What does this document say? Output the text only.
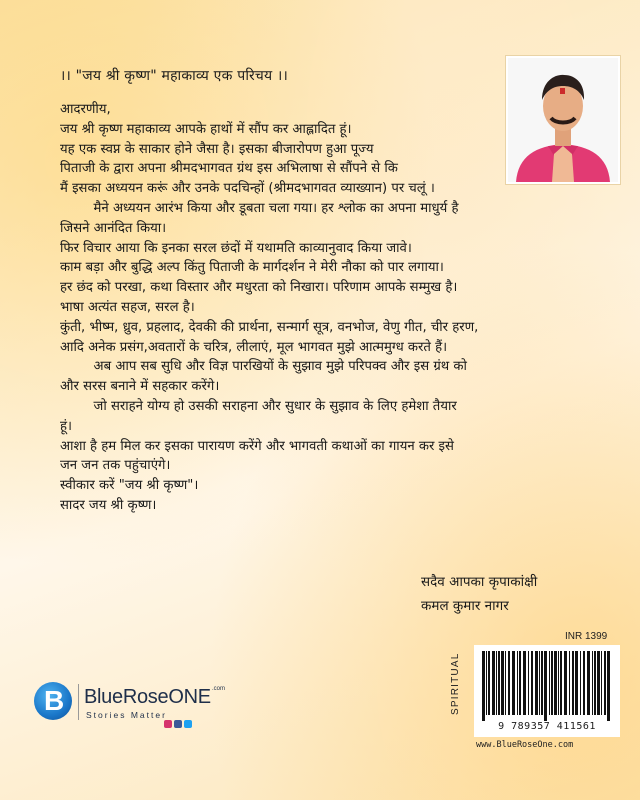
।। "जय श्री कृष्ण" महाकाव्य एक परिचय ।।

आदरणीय,

जय श्री कृष्ण महाकाव्य आपके हाथों में सौंप कर आह्लादित हूं।

यह एक स्वप्न के साकार होने जैसा है। इसका बीजारोपण हुआ पूज्य

पिताजी के द्वारा अपना श्रीमदभागवत ग्रंथ इस अभिलाषा से सौंपने से कि

मैं इसका अध्ययन करूं और उनके पदचिन्हों (श्रीमदभागवत व्याख्यान) पर चलूं ।

मैने अध्ययन आरंभ किया और डूबता चला गया। हर श्लोक का अपना माधुर्य है

जिसने आनंदित किया।

फिर विचार आया कि इनका सरल छंदों में यथामति काव्यानुवाद किया जावे।

काम बड़ा और बुद्धि अल्प किंतु पिताजी के मार्गदर्शन ने मेरी नौका को पार लगाया।

हर छंद को परखा, कथा विस्तार और मधुरता को निखारा। परिणाम आपके सम्मुख है।

भाषा अत्यंत सहज, सरल है।

कुंती, भीष्म, ध्रुव, प्रहलाद, देवकी की प्रार्थना, सन्मार्ग सूत्र, वनभोज, वेणु गीत, चीर हरण,

आदि अनेक प्रसंग,अवतारों के चरित्र, लीलाएं, मूल भागवत मुझे आत्ममुग्ध करते हैं।

अब आप सब सुधि और विज्ञ पारखियों के सुझाव मुझे परिपक्व और इस ग्रंथ को

और सरस बनाने में सहकार करेंगे।

जो सराहने योग्य हो उसकी सराहना और सुधार के सुझाव के लिए हमेशा तैयार

हूं।

आशा है हम मिल कर इसका पारायण करेंगे और भागवती कथाओं का गायन कर इसे

जन जन तक पहुंचाएंगे।

स्वीकार करें "जय श्री कृष्ण"।

सादर जय श्री कृष्ण।

सदैव आपका कृपाकांक्षी
कमल कुमार नागर
B BlueRoseONE .com
Stories Matter
INR 1399
SPIRITUAL
9 789357 411561
www.BlueRoseOne.com
